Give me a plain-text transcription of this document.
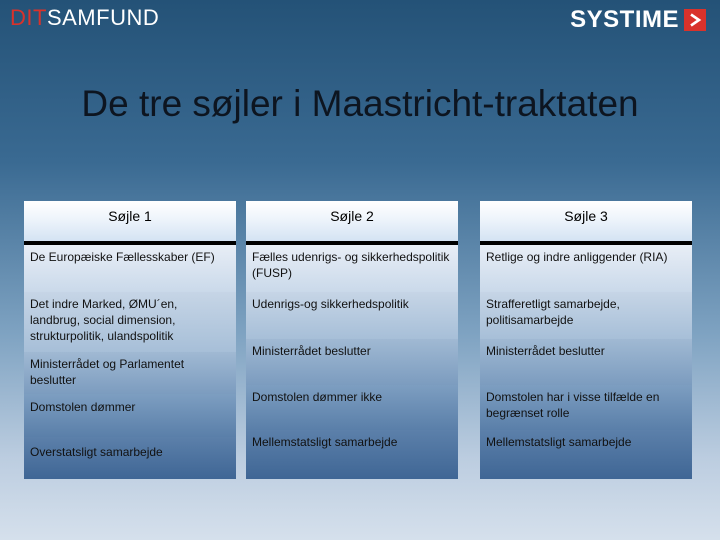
DITSAMFUND	SYSTIME
De tre søjler i Maastricht-traktaten
Søjle 1
De Europæiske Fællesskaber (EF)
Det indre Marked, ØMU´en, landbrug, social dimension, strukturpolitik, ulandspolitik
Ministerrådet og Parlamentet beslutter
Domstolen dømmer
Overstatsligt samarbejde
Søjle 2
Fælles udenrigs- og sikkerhedspolitik (FUSP)
Udenrigs-og sikkerhedspolitik
Ministerrådet beslutter
Domstolen dømmer ikke
Mellemstatsligt samarbejde
Søjle 3
Retlige og indre anliggender (RIA)
Strafferetligt samarbejde, politisamarbejde
Ministerrådet beslutter
Domstolen har i visse tilfælde en begrænset rolle
Mellemstatsligt samarbejde
